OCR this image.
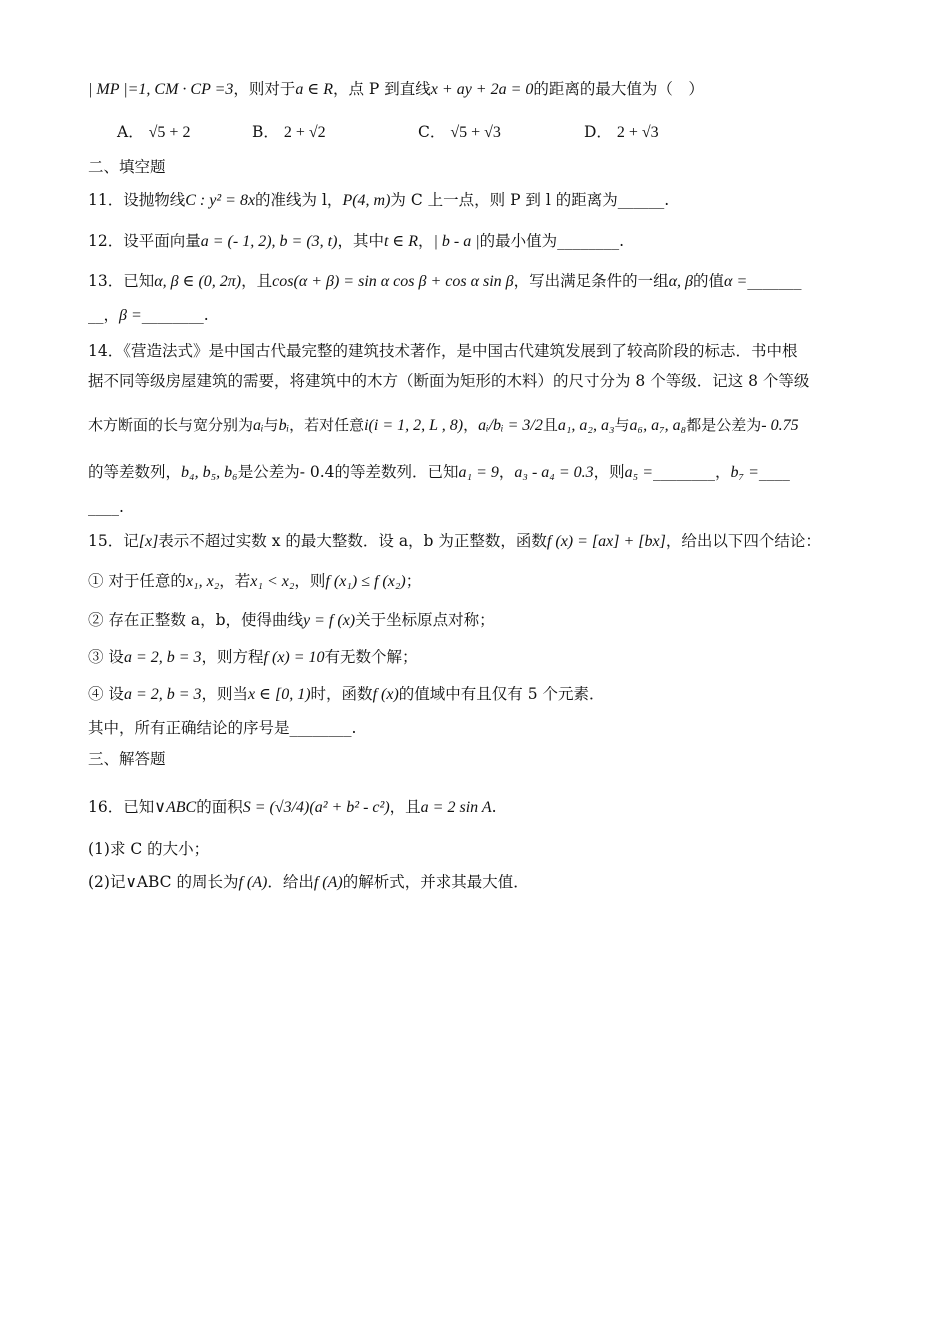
| MP |=1, CM · CP =3，则对于a ∈ R，点 P 到直线x + ay + 2a = 0的距离的最大值为（　）
A． √5 + 2	B． 2 + √2	C． √5 + √3	D． 2 + √3
二、填空题
11．设抛物线C : y² = 8x的准线为 l，P(4, m)为 C 上一点，则 P 到 l 的距离为______.
12．设平面向量a = (- 1, 2), b = (3, t)，其中t ∈ R，| b - a |的最小值为________.
13．已知α, β ∈ (0, 2π)，且cos(α + β) = sin α cos β + cos α sin β，写出满足条件的一组α, β的值α =_______
__，β =________.
14．《营造法式》是中国古代最完整的建筑技术著作，是中国古代建筑发展到了较高阶段的标志．书中根
据不同等级房屋建筑的需要，将建筑中的木方（断面为矩形的木料）的尺寸分为 8 个等级．记这 8 个等级
木方断面的长与宽分别为aᵢ与bᵢ，若对任意i(i = 1, 2, L , 8)，aᵢ/bᵢ = 3/2且a₁, a₂, a₃与a₆, a₇, a₈都是公差为- 0.75
的等差数列，b₄, b₅, b₆是公差为- 0.4的等差数列．已知a₁ = 9，a₃ - a₄ = 0.3，则a₅ =________，b₇ =____
____.
15．记[x]表示不超过实数 x 的最大整数．设 a，b 为正整数，函数f (x) = [ax] + [bx]，给出以下四个结论：
① 对于任意的x₁, x₂，若x₁ < x₂，则f (x₁) ≤ f (x₂)；
② 存在正整数 a，b，使得曲线y = f (x)关于坐标原点对称；
③ 设a = 2, b = 3，则方程f (x) = 10有无数个解；
④ 设a = 2, b = 3，则当x ∈ [0, 1)时，函数f (x)的值域中有且仅有 5 个元素．
其中，所有正确结论的序号是________.
三、解答题
16．已知∨ABC的面积S = (√3/4)(a² + b² - c²)，且a = 2 sin A.
(1)求 C 的大小；
(2)记∨ABC 的周长为f (A)．给出f (A)的解析式，并求其最大值．
